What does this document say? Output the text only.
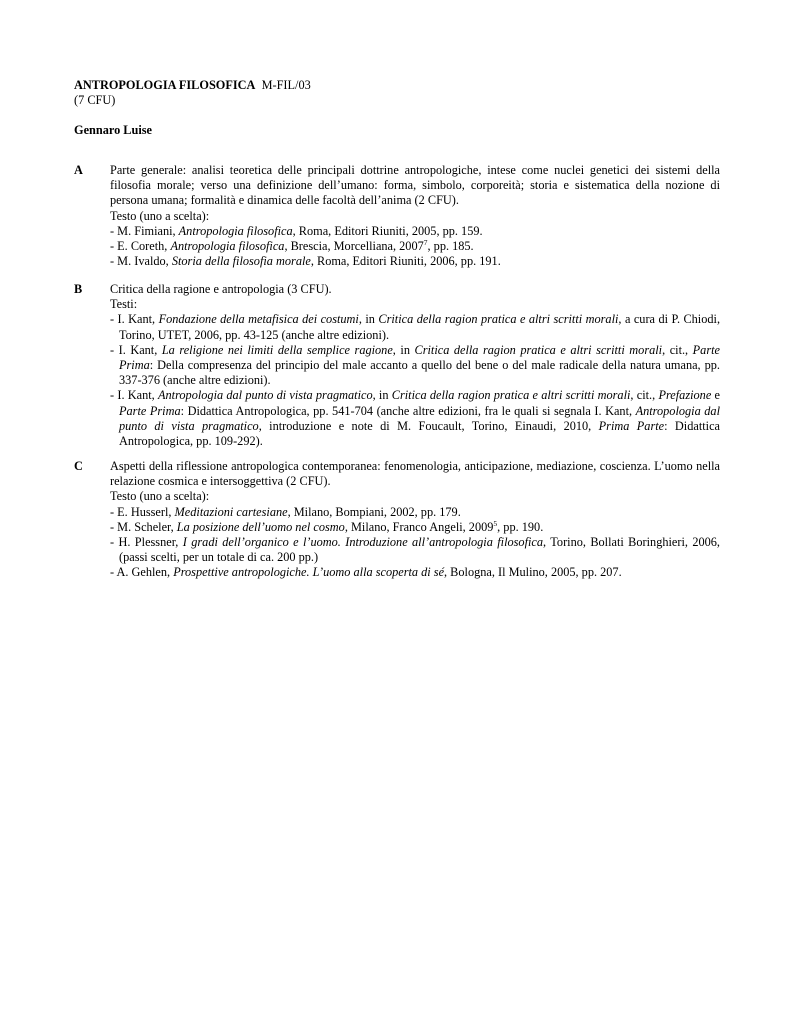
ANTROPOLOGIA FILOSOFICA M-FIL/03
(7 CFU)
Gennaro Luise
A Parte generale: analisi teoretica delle principali dottrine antropologiche, intese come nuclei genetici dei sistemi della filosofia morale; verso una definizione dell’umano: forma, simbolo, corporeità; storia e sistematica della nozione di persona umana; formalità e dinamica delle facoltà dell’anima (2 CFU).
Testo (uno a scelta):
- M. Fimiani, Antropologia filosofica, Roma, Editori Riuniti, 2005, pp. 159.
- E. Coreth, Antropologia filosofica, Brescia, Morcelliana, 2007$^7$, pp. 185.
- M. Ivaldo, Storia della filosofia morale, Roma, Editori Riuniti, 2006, pp. 191.
B Critica della ragione e antropologia (3 CFU).
Testi:
- I. Kant, Fondazione della metafisica dei costumi, in Critica della ragion pratica e altri scritti morali, a cura di P. Chiodi, Torino, UTET, 2006, pp. 43-125 (anche altre edizioni).
- I. Kant, La religione nei limiti della semplice ragione, in Critica della ragion pratica e altri scritti morali, cit., Parte Prima: Della compresenza del principio del male accanto a quello del bene o del male radicale della natura umana, pp. 337-376 (anche altre edizioni).
- I. Kant, Antropologia dal punto di vista pragmatico, in Critica della ragion pratica e altri scritti morali, cit., Prefazione e Parte Prima: Didattica Antropologica, pp. 541-704 (anche altre edizioni, fra le quali si segnala I. Kant, Antropologia dal punto di vista pragmatico, introduzione e note di M. Foucault, Torino, Einaudi, 2010, Prima Parte: Didattica Antropologica, pp. 109-292).
C Aspetti della riflessione antropologica contemporanea: fenomenologia, anticipazione, mediazione, coscienza. L’uomo nella relazione cosmica e intersoggettiva (2 CFU).
Testo (uno a scelta):
- E. Husserl, Meditazioni cartesiane, Milano, Bompiani, 2002, pp. 179.
- M. Scheler, La posizione dell’uomo nel cosmo, Milano, Franco Angeli, 2009$^5$, pp. 190.
- H. Plessner, I gradi dell’organico e l’uomo. Introduzione all’antropologia filosofica, Torino, Bollati Boringhieri, 2006, (passi scelti, per un totale di ca. 200 pp.)
- A. Gehlen, Prospettive antropologiche. L’uomo alla scoperta di sé, Bologna, Il Mulino, 2005, pp. 207.
